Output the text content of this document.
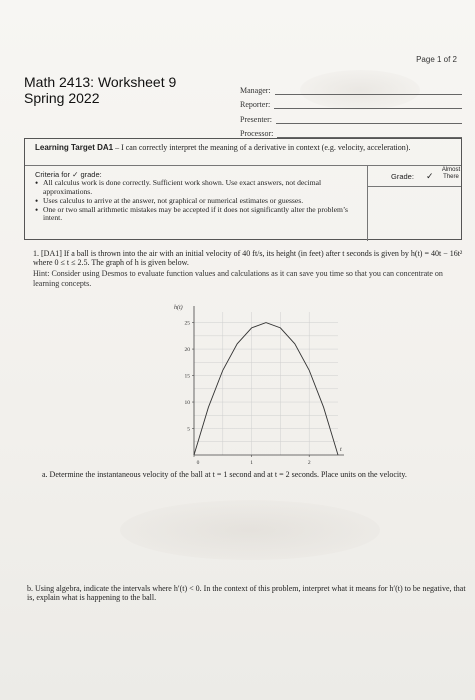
Page 1 of 2
Math 2413: Worksheet 9
Spring 2022	Manager:
Reporter:
Presenter:
Processor:
Learning Target DA1 – I can correctly interpret the meaning of a derivative in context (e.g. velocity, acceleration).
Criteria for ✓ grade:
• All calculus work is done correctly. Sufficient work shown. Use exact answers, not decimal approximations.
• Uses calculus to arrive at the answer, not graphical or numerical estimates or guesses.
• One or two small arithmetic mistakes may be accepted if it does not significantly alter the problem’s intent.
Grade: ✓
Almost There
1. [DA1] If a ball is thrown into the air with an initial velocity of 40 ft/s, its height (in feet) after t seconds is given by h(t) = 40t − 16t² where 0 ≤ t ≤ 2.5. The graph of h is given below.
Hint: Consider using Desmos to evaluate function values and calculations as it can save you time so that you can concentrate on learning concepts.
25
20
15
10
5
0	1	2
h(t)
t
a. Determine the instantaneous velocity of the ball at t = 1 second and at t = 2 seconds. Place units on the velocity.
b. Using algebra, indicate the intervals where h′(t) < 0. In the context of this problem, interpret what it means for h′(t) to be negative, that is, explain what is happening to the ball.
